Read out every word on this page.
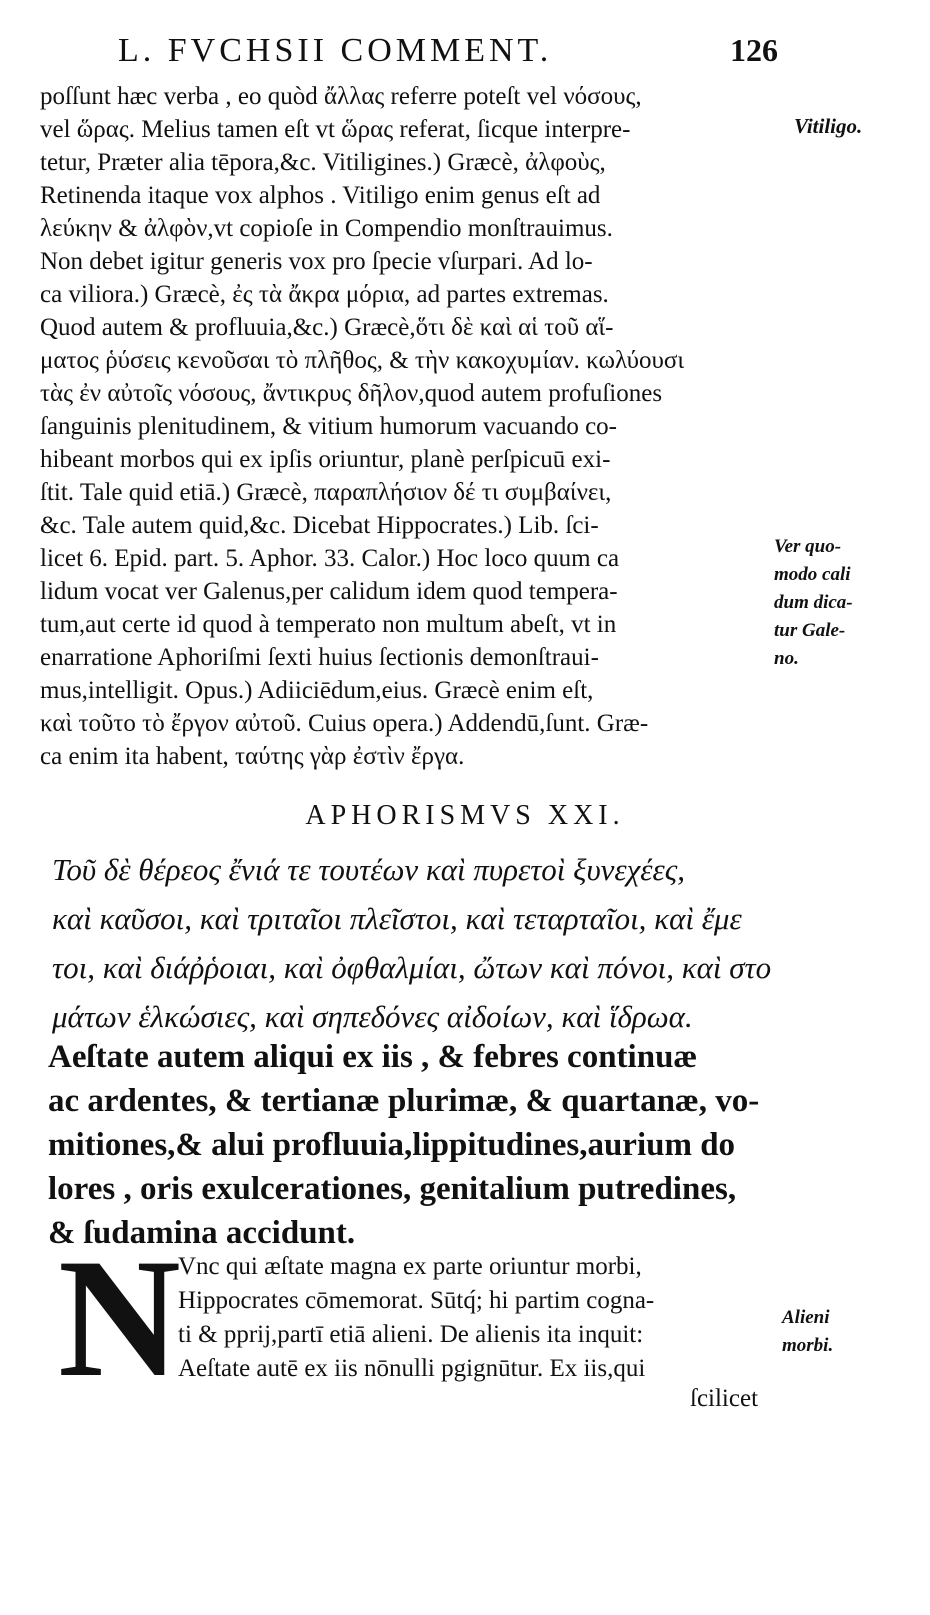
L. FVCHSII COMMENT.	126
poſſunt hæc verba , eo quòd ἄλλας referre poteſt vel νόσους,
vel ὥρας. Melius tamen eſt vt ὥρας referat, ſicque interpre-
tetur, Præter alia tēpora,&c. Vitiligines.) Græcè, ἀλφοὺς,
Retinenda itaque vox alphos . Vitiligo enim genus eſt ad
λεύκην & ἀλφὸν,vt copioſe in Compendio monſtrauimus.
Non debet igitur generis vox pro ſpecie vſurpari. Ad lo-
ca viliora.) Græcè, ἐς τὰ ἄκρα μόρια, ad partes extremas.
Quod autem & profluuia,&c.) Græcè,ὅτι δὲ καὶ αἱ τοῦ αἵ-
ματος ῥύσεις κενοῦσαι τὸ πλῆθος, & τὴν κακοχυμίαν. κωλύουσι
τὰς ἐν αὐτοῖς νόσους, ἄντικρυς δῆλον,quod autem profuſiones
ſanguinis plenitudinem, & vitium humorum vacuando co-
hibeant morbos qui ex ipſis oriuntur, planè perſpicuū exi-
ſtit. Tale quid etiā.) Græcè, παραπλήσιον δέ τι συμβαίνει,
&c. Tale autem quid,&c. Dicebat Hippocrates.) Lib. ſci-
licet 6. Epid. part. 5. Aphor. 33. Calor.) Hoc loco quum ca
lidum vocat ver Galenus,per calidum idem quod tempera-
tum,aut certe id quod à temperato non multum abeſt, vt in
enarratione Aphoriſmi ſexti huius ſectionis demonſtraui-
mus,intelligit. Opus.) Adiiciēdum,eius. Græcè enim eſt,
καὶ τοῦτο τὸ ἔργον αὐτοῦ. Cuius opera.) Addendū,ſunt. Græ-
ca enim ita habent, ταύτης γὰρ ἐστὶν ἔργα.
Vitiligo.
Ver quo-
modo cali
dum dica-
tur Gale-
no.
APHORISMVS XXI.
Τοῦ δὲ θέρεος ἔνιά τε τουτέων καὶ πυρετοὶ ξυνεχέες,
καὶ καῦσοι, καὶ τριταῖοι πλεῖστοι, καὶ τεταρταῖοι, καὶ ἔμε
τοι, καὶ διάῤῥοιαι, καὶ ὀφθαλμίαι, ὤτων καὶ πόνοι, καὶ στο
μάτων ἑλκώσιες, καὶ σηπεδόνες αἰδοίων, καὶ ἵδρωα.
Aeſtate autem aliqui ex iis , & febres continuæ
ac ardentes, & tertianæ plurimæ, & quartanæ, vo-
mitiones,& alui profluuia,lippitudines,aurium do
lores , oris exulcerationes, genitalium putredines,
& ſudamina accidunt.
N
Vnc qui æſtate magna ex parte oriuntur morbi,
Hippocrates cōmemorat. Sūtq́; hi partim cogna-
ti & pprij,partī etiā alieni. De alienis ita inquit:
Aeſtate autē ex iis nōnulli pgignūtur. Ex iis,qui
ſcilicet
Alieni
morbi.
